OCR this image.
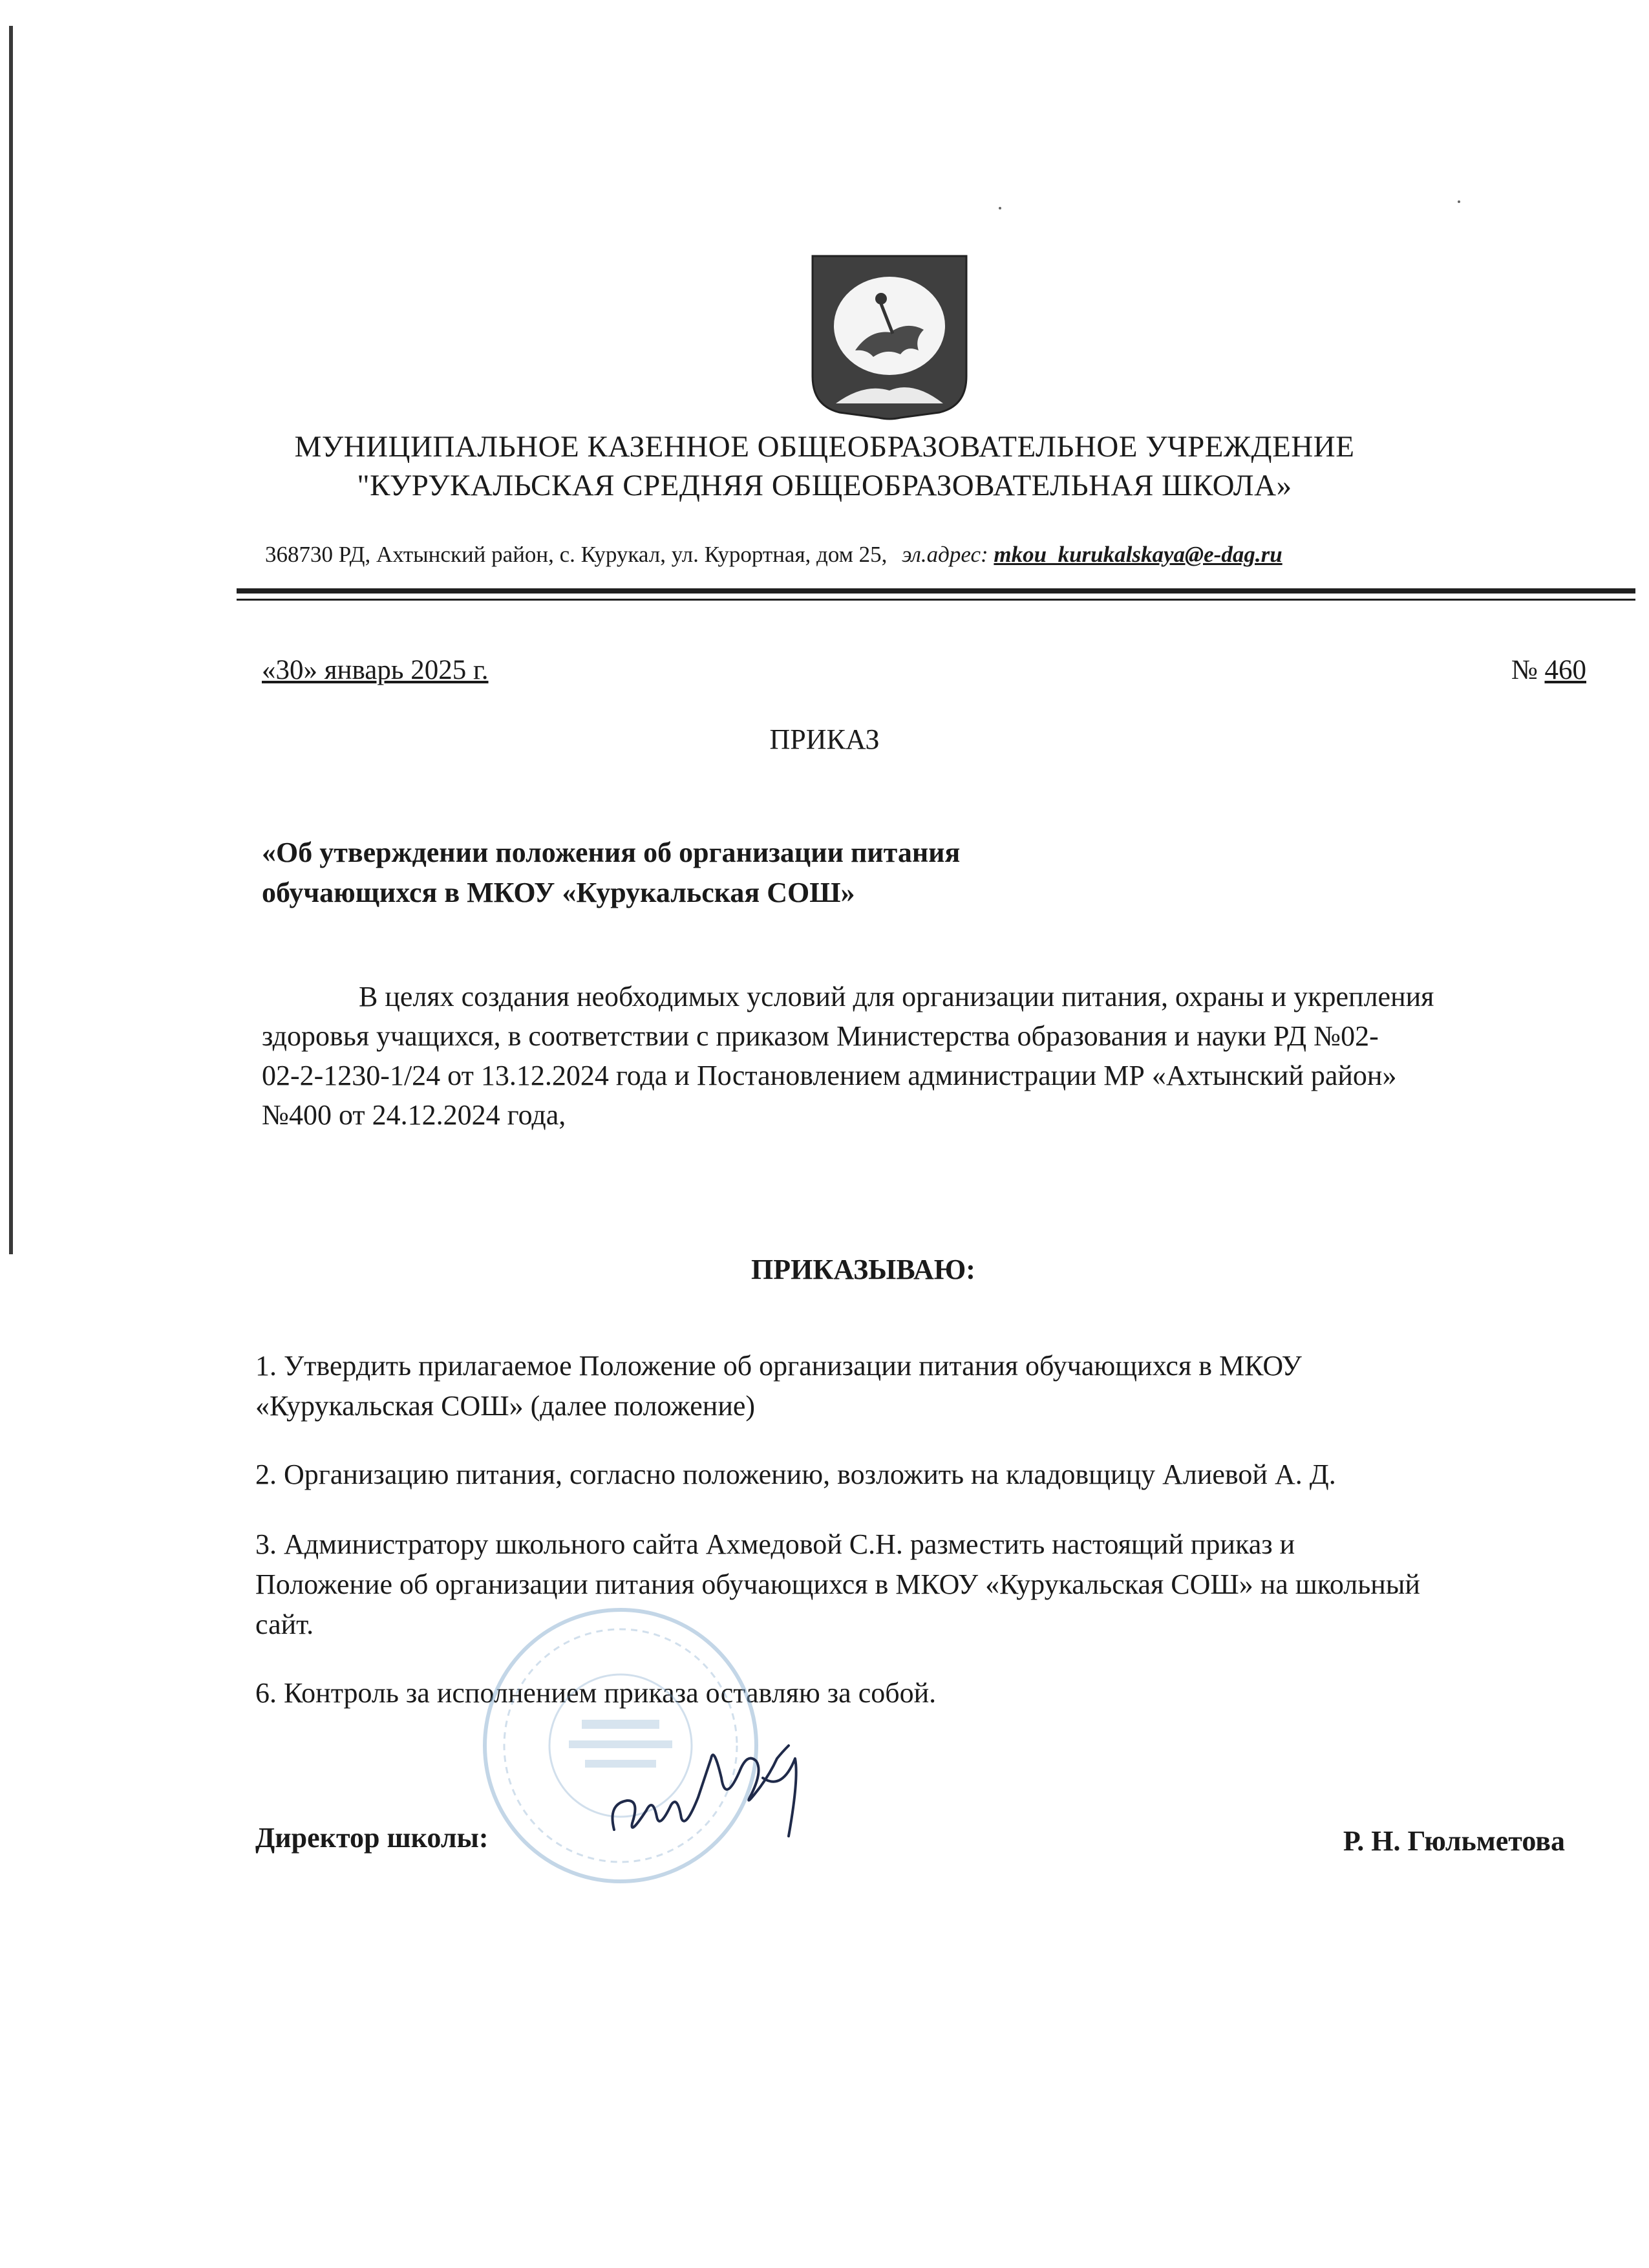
МУНИЦИПАЛЬНОЕ КАЗЕННОЕ ОБЩЕОБРАЗОВАТЕЛЬНОЕ УЧРЕЖДЕНИЕ
"КУРУКАЛЬСКАЯ СРЕДНЯЯ ОБЩЕОБРАЗОВАТЕЛЬНАЯ ШКОЛА»
368730 РД, Ахтынский район, с. Курукал, ул. Курортная, дом 25, эл.адрес: mkou_kurukalskaya@e-dag.ru
«30» январь 2025 г.	№ 460
ПРИКАЗ
«Об утверждении положения об организации питания
обучающихся в МКОУ «Курукальская СОШ»
В целях создания необходимых условий для организации питания, охраны и укрепления
здоровья учащихся, в соответствии с приказом Министерства образования и науки РД №02-
02-2-1230-1/24 от 13.12.2024 года и Постановлением администрации МР «Ахтынский район»
№400 от 24.12.2024 года,
ПРИКАЗЫВАЮ:
1. Утвердить прилагаемое Положение об организации питания обучающихся в МКОУ
«Курукальская СОШ» (далее положение)
2. Организацию питания, согласно положению, возложить на кладовщицу Алиевой А. Д.
3. Администратору школьного сайта Ахмедовой С.Н. разместить настоящий приказ и
Положение об организации питания обучающихся в МКОУ «Курукальская СОШ» на школьный
сайт.
6. Контроль за исполнением приказа оставляю за собой.
Директор школы:	Р. Н. Гюльметова
